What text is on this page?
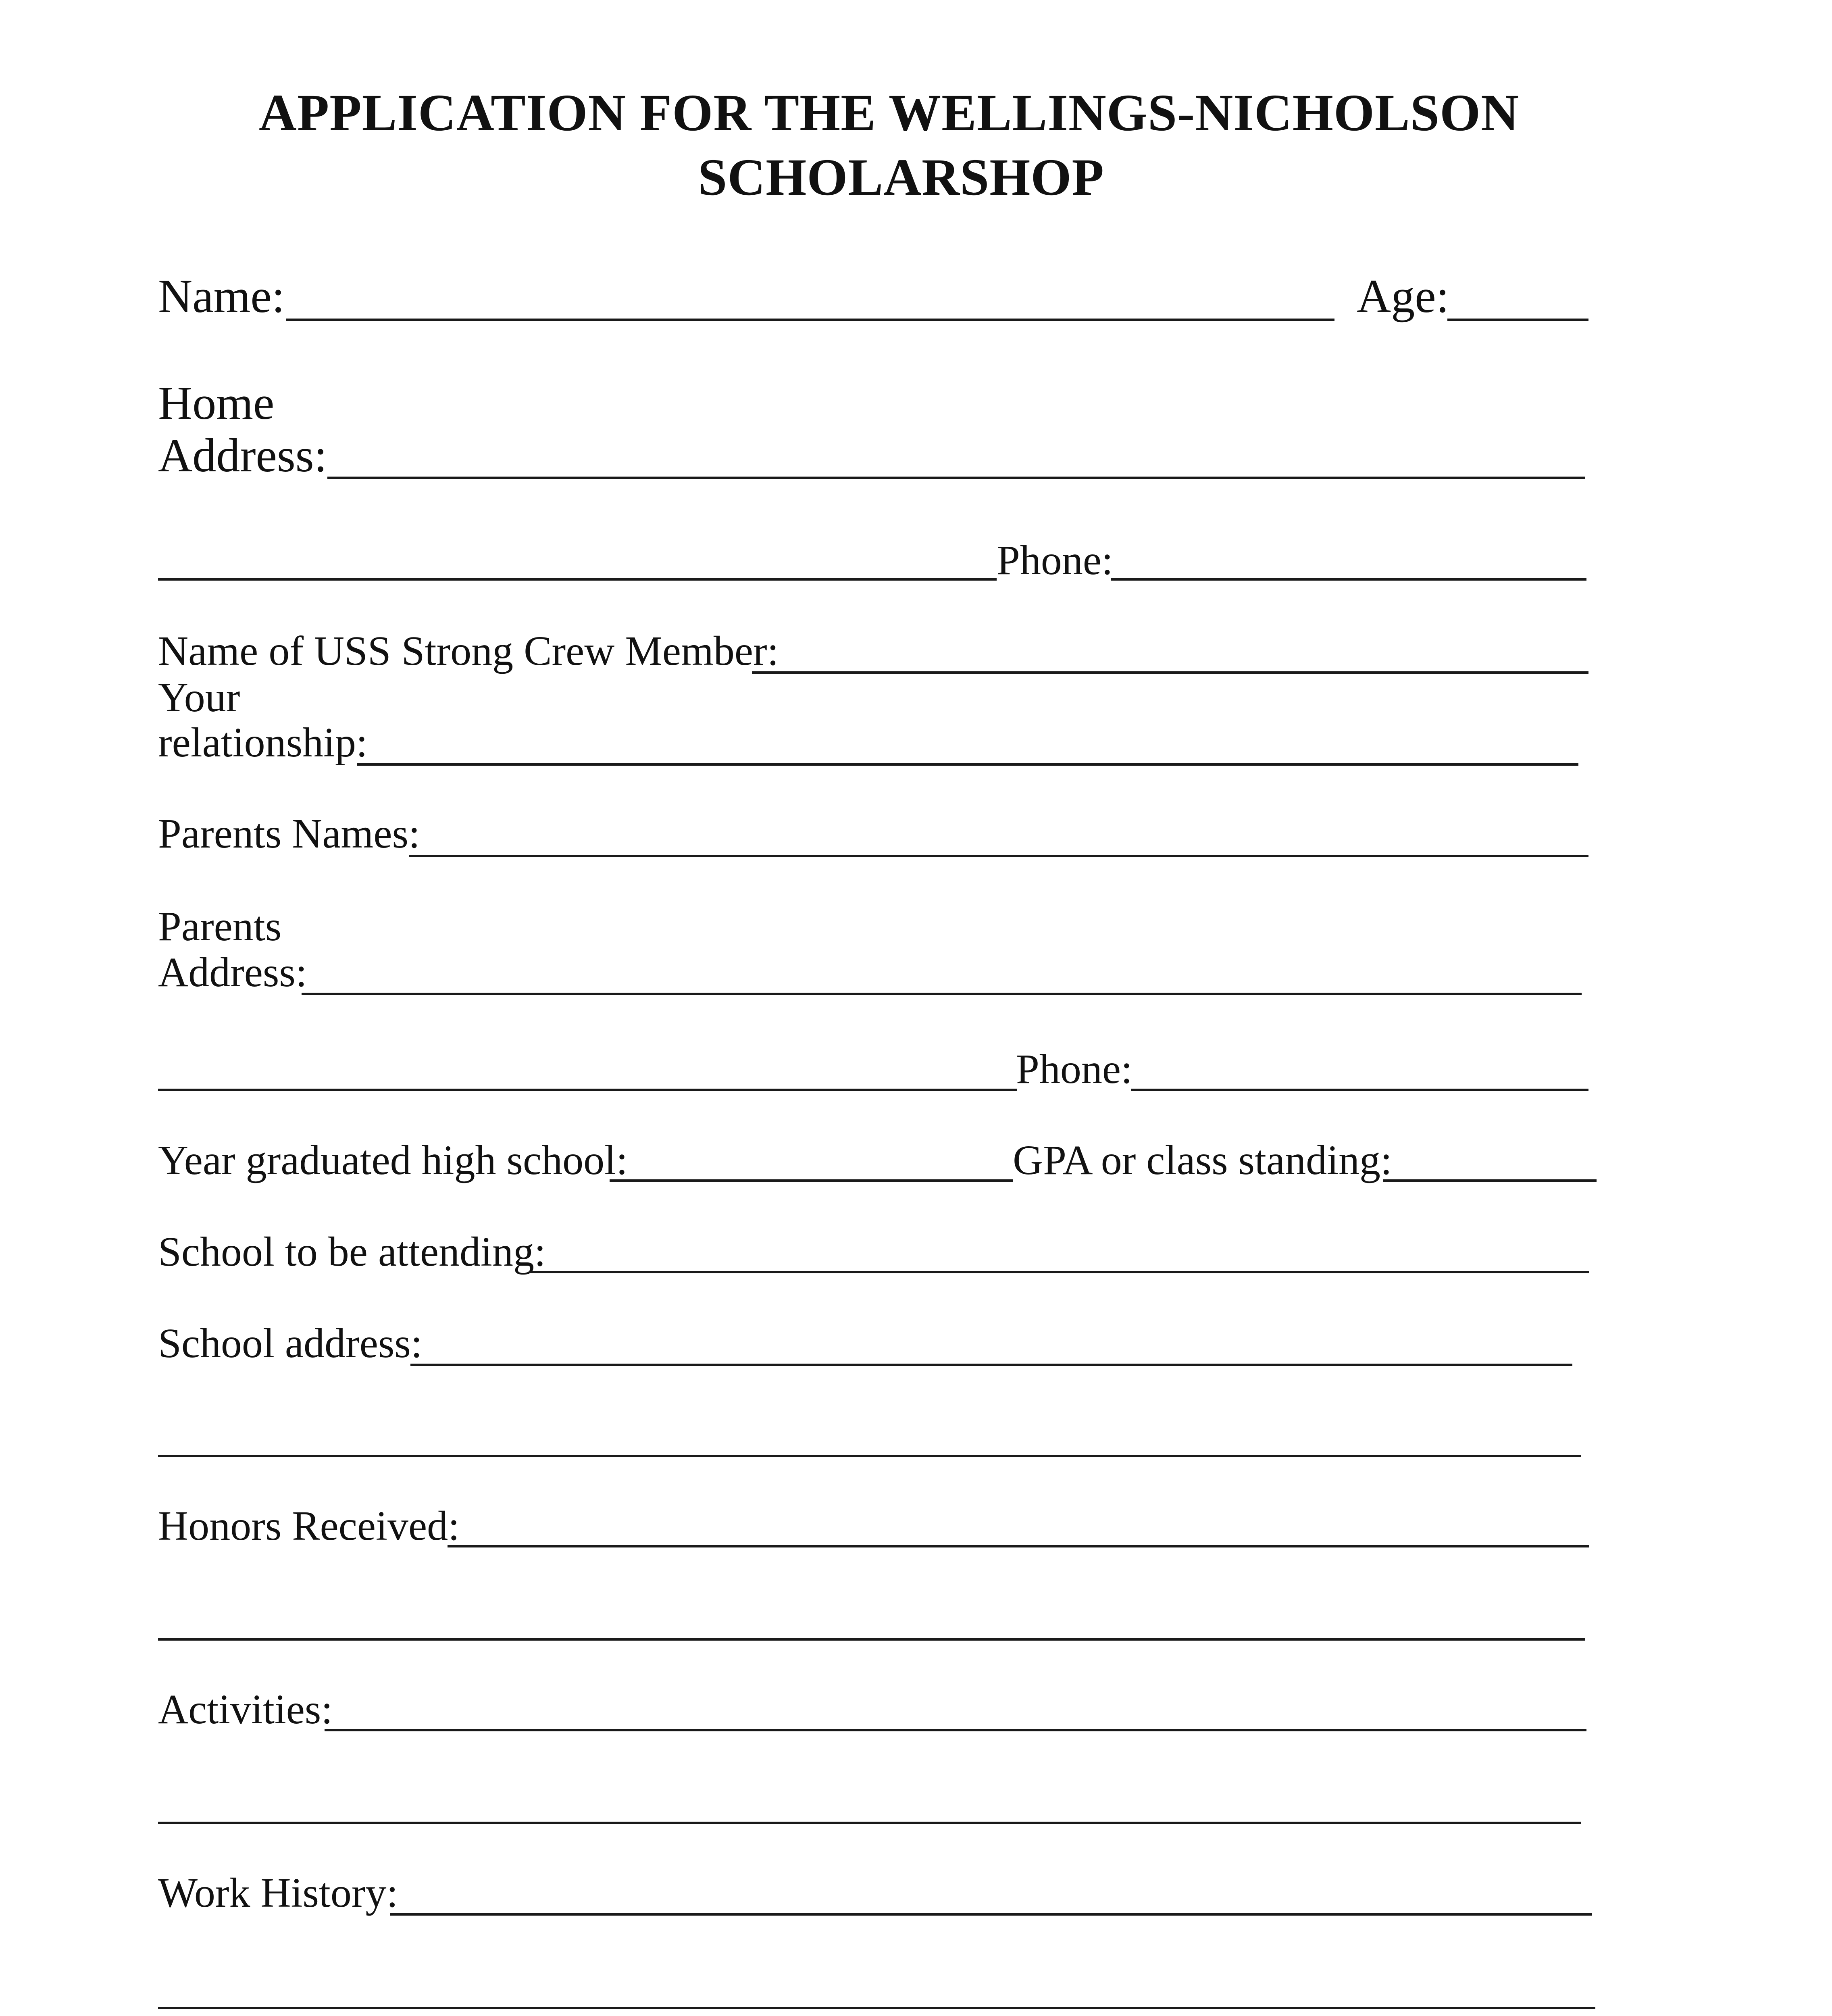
APPLICATION FOR THE WELLINGS-NICHOLSON
SCHOLARSHOP
Name:	Age:
Home
Address:
Phone:
Name of USS Strong Crew Member:
Your
relationship:
Parents Names:
Parents
Address:
Phone:
Year graduated high school:	GPA or class standing:
School to be attending:
School address:
Honors Received:
Activities:
Work History:
